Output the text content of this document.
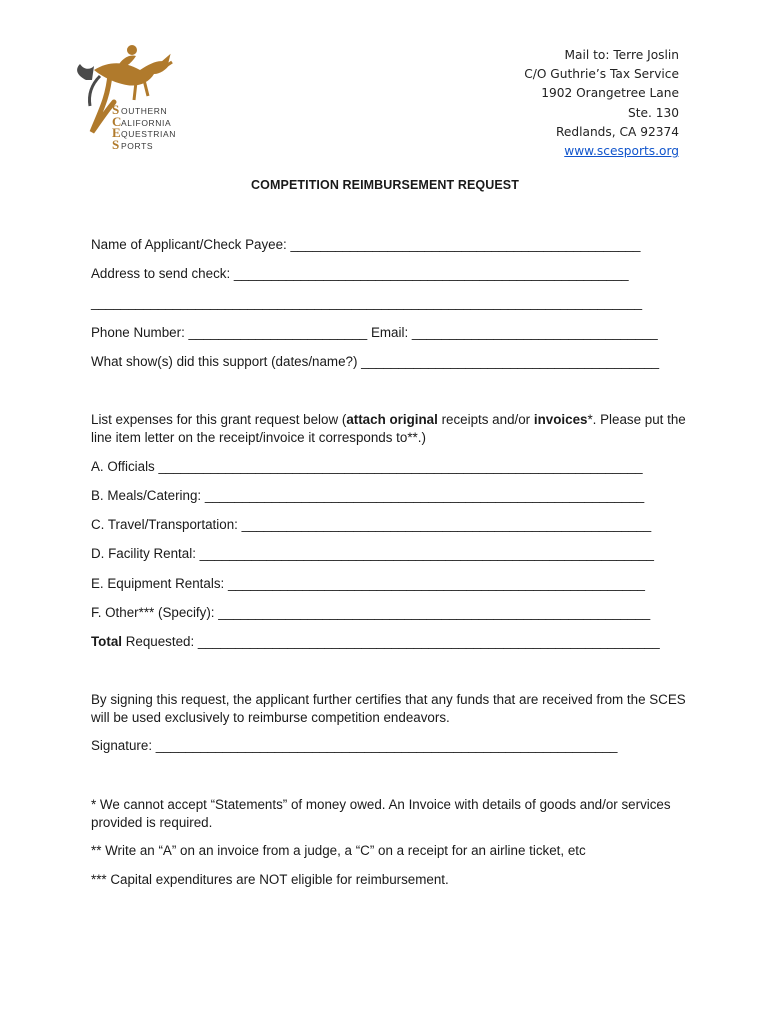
S OUTHERN
C ALIFORNIA
E QUESTRIAN
S PORTS
Mail to: Terre Joslin
C/O Guthrie’s Tax Service
1902 Orangetree Lane
Ste. 130
Redlands, CA 92374
www.scesports.org
COMPETITION REIMBURSEMENT REQUEST
Name of Applicant/Check Payee: _______________________________________________
Address to send check: _____________________________________________________
__________________________________________________________________________
Phone Number: ________________________ Email: _________________________________
What show(s) did this support (dates/name?) ________________________________________
List expenses for this grant request below (attach original receipts and/or invoices*. Please put the line item letter on the receipt/invoice it corresponds to**.)
A. Officials _________________________________________________________________
B. Meals/Catering: ___________________________________________________________
C. Travel/Transportation: _______________________________________________________
D. Facility Rental: _____________________________________________________________
E. Equipment Rentals: ________________________________________________________
F. Other*** (Specify): __________________________________________________________
Total Requested: ______________________________________________________________
By signing this request, the applicant further certifies that any funds that are received from the SCES will be used exclusively to reimburse competition endeavors.
Signature: ______________________________________________________________
* We cannot accept “Statements” of money owed. An Invoice with details of goods and/or services provided is required.
** Write an “A” on an invoice from a judge, a “C” on a receipt for an airline ticket, etc
*** Capital expenditures are NOT eligible for reimbursement.
